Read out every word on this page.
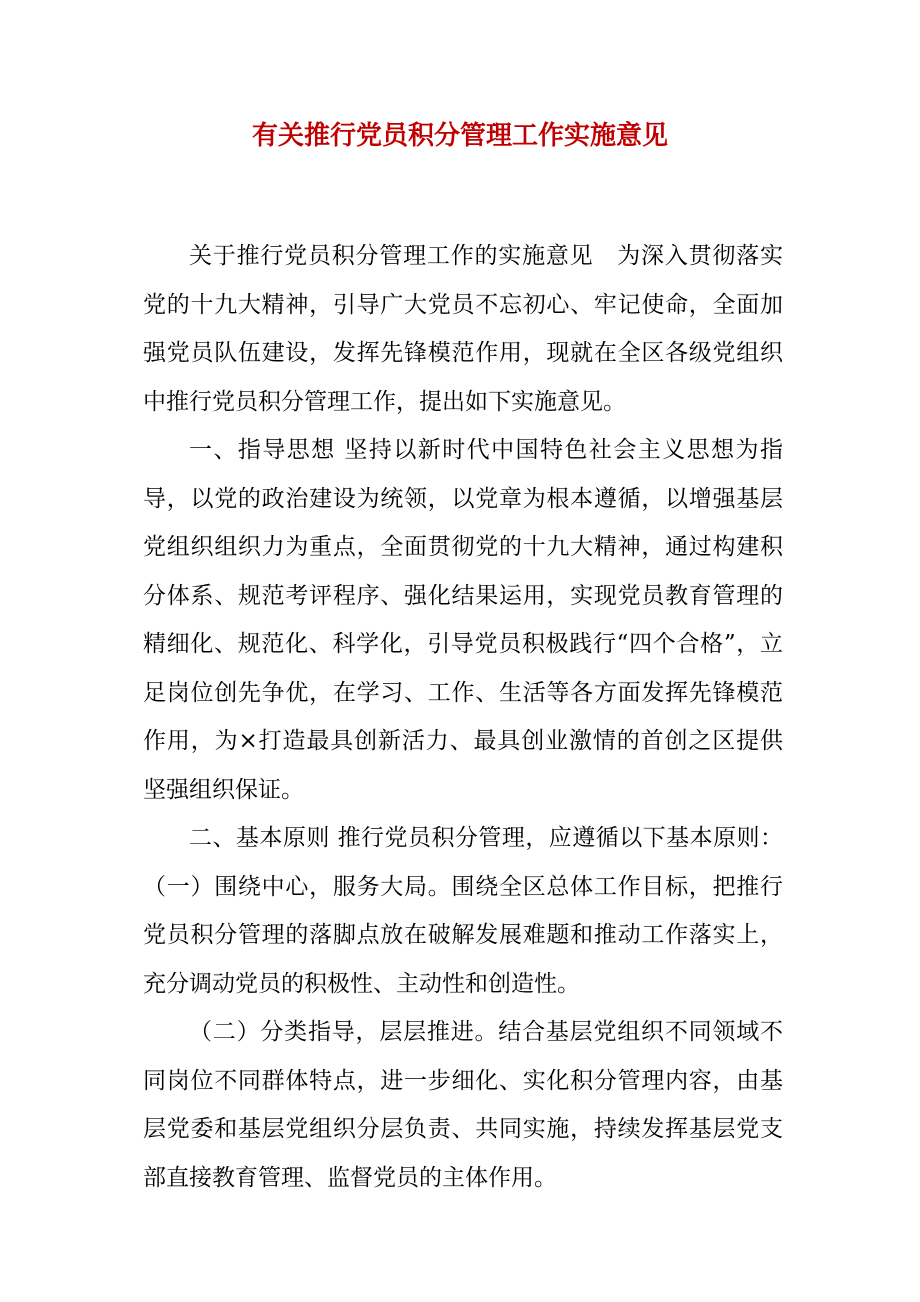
有关推行党员积分管理工作实施意见

关于推行党员积分管理工作的实施意见　为深入贯彻落实党的十九大精神，引导广大党员不忘初心、牢记使命，全面加强党员队伍建设，发挥先锋模范作用，现就在全区各级党组织中推行党员积分管理工作，提出如下实施意见。

一、指导思想 坚持以新时代中国特色社会主义思想为指导，以党的政治建设为统领，以党章为根本遵循，以增强基层党组织组织力为重点，全面贯彻党的十九大精神，通过构建积分体系、规范考评程序、强化结果运用，实现党员教育管理的精细化、规范化、科学化，引导党员积极践行“四个合格”，立足岗位创先争优，在学习、工作、生活等各方面发挥先锋模范作用，为×打造最具创新活力、最具创业激情的首创之区提供坚强组织保证。

二、基本原则 推行党员积分管理，应遵循以下基本原则：（一）围绕中心，服务大局。围绕全区总体工作目标，把推行党员积分管理的落脚点放在破解发展难题和推动工作落实上，充分调动党员的积极性、主动性和创造性。

（二）分类指导，层层推进。结合基层党组织不同领域不同岗位不同群体特点，进一步细化、实化积分管理内容，由基层党委和基层党组织分层负责、共同实施，持续发挥基层党支部直接教育管理、监督党员的主体作用。
